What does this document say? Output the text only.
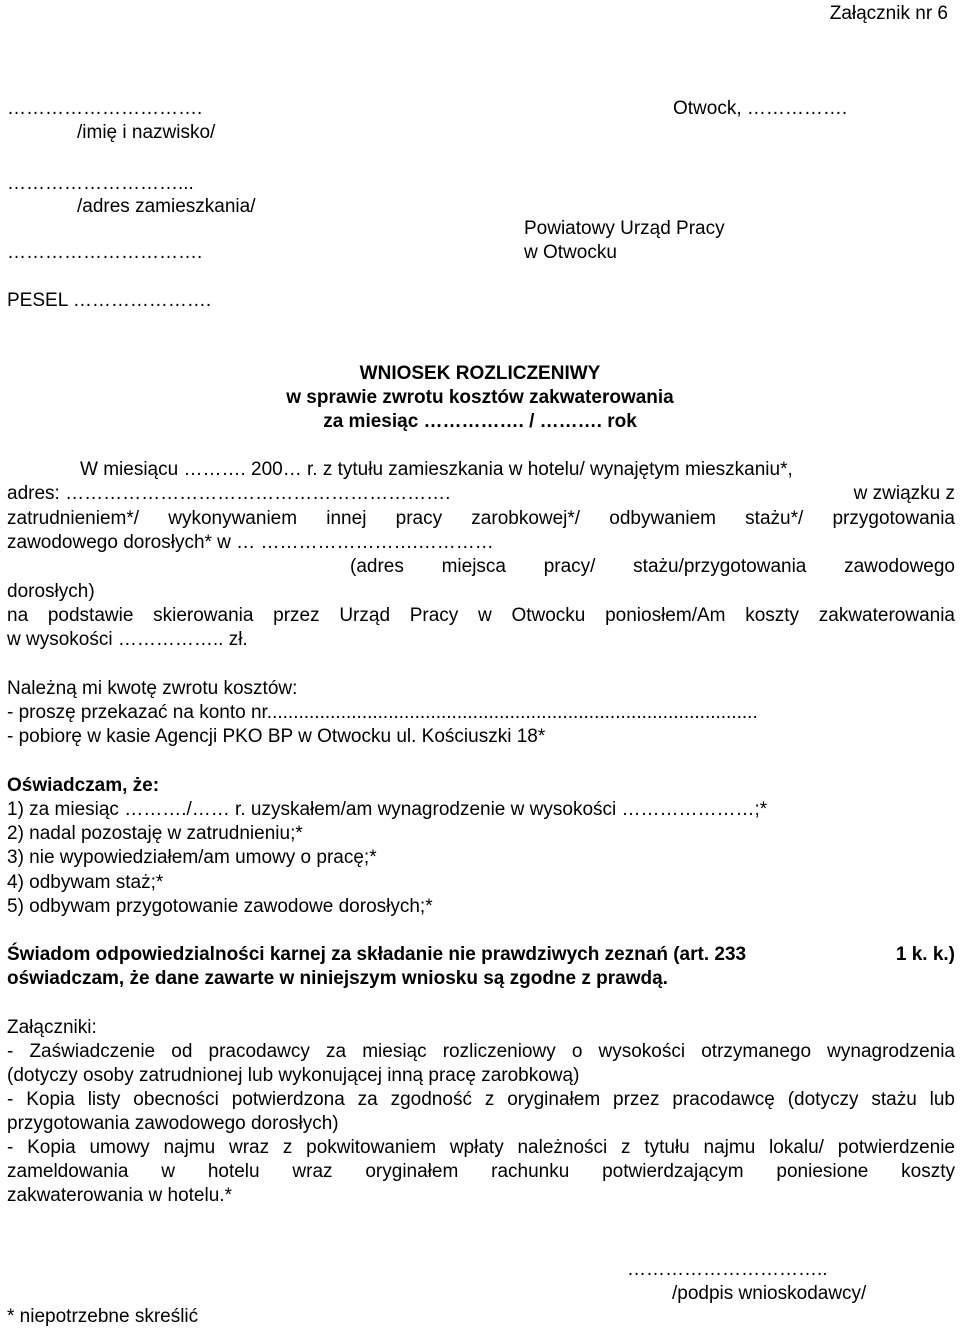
Załącznik nr 6
………………………….
/imię i nazwisko/
………………………...
/adres zamieszkania/
………………………….
PESEL ………………….
Otwock, …………….
Powiatowy Urząd Pracy
w Otwocku
WNIOSEK ROZLICZENIWY
w sprawie zwrotu kosztów zakwaterowania
za miesiąc ……………. / ………. rok
W miesiącu ………. 200… r. z tytułu zamieszkania w hotelu/ wynajętym mieszkaniu*,
adres: …………………………………………………….	w związku z
zatrudnieniem*/ wykonywaniem innej pracy zarobkowej*/ odbywaniem stażu*/ przygotowania
zawodowego dorosłych* w … …………………….…………
(adres miejsca pracy/ stażu/przygotowania zawodowego
dorosłych)
na podstawie skierowania przez Urząd Pracy w Otwocku poniosłem/Am koszty zakwaterowania
w wysokości …………….. zł.
Należną mi kwotę zwrotu kosztów:
- proszę przekazać na konto nr.............................................................................................
- pobiorę w kasie Agencji PKO BP w Otwocku ul. Kościuszki 18*
Oświadczam, że:
1) za miesiąc ………./…… r. uzyskałem/am wynagrodzenie w wysokości …………………;*
2) nadal pozostaję w zatrudnieniu;*
3) nie wypowiedziałem/am umowy o pracę;*
4) odbywam staż;*
5) odbywam przygotowanie zawodowe dorosłych;*
Świadom odpowiedzialności karnej za składanie nie prawdziwych zeznań (art. 233	1 k. k.)
oświadczam, że dane zawarte w niniejszym wniosku są zgodne z prawdą.
Załączniki:
- Zaświadczenie od pracodawcy za miesiąc rozliczeniowy o wysokości otrzymanego wynagrodzenia
(dotyczy osoby zatrudnionej lub wykonującej inną pracę zarobkową)
- Kopia listy obecności potwierdzona za zgodność z oryginałem przez pracodawcę (dotyczy stażu lub
przygotowania zawodowego dorosłych)
- Kopia umowy najmu wraz z pokwitowaniem wpłaty należności z tytułu najmu lokalu/ potwierdzenie
zameldowania w hotelu wraz oryginałem rachunku potwierdzającym poniesione koszty
zakwaterowania w hotelu.*
…………………………..
/podpis wnioskodawcy/
* niepotrzebne skreślić
